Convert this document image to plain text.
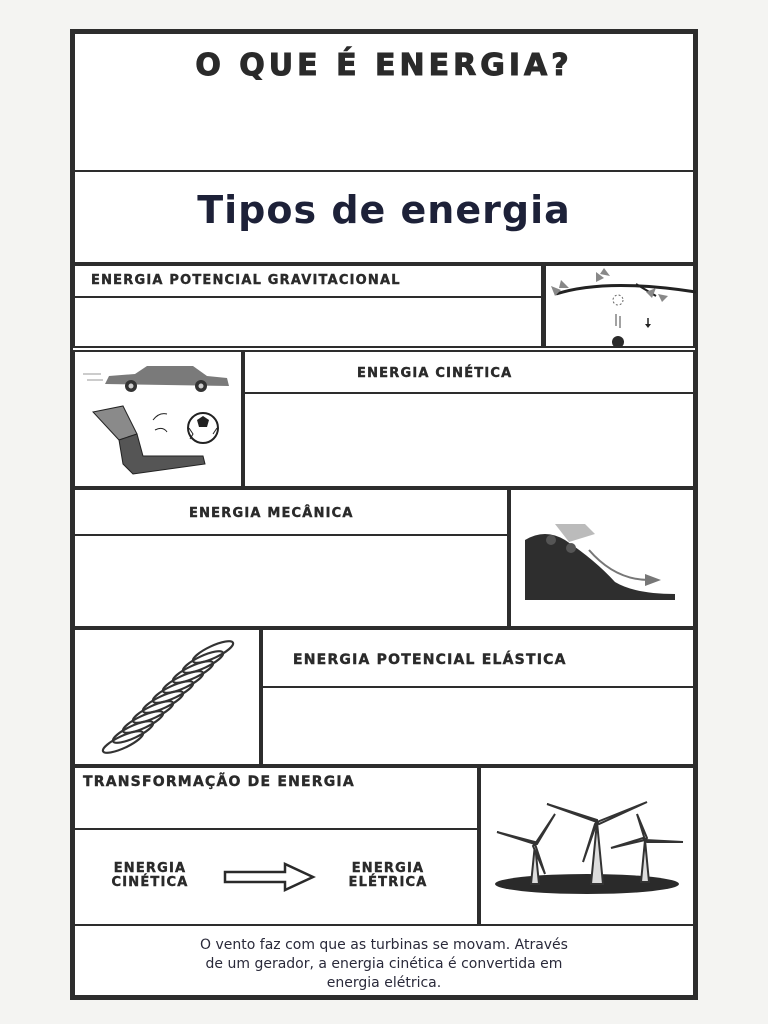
O QUE É ENERGIA?
Tipos de energia
ENERGIA POTENCIAL GRAVITACIONAL
ENERGIA CINÉTICA
ENERGIA MECÂNICA
ENERGIA POTENCIAL ELÁSTICA
TRANSFORMAÇÃO DE ENERGIA
ENERGIA
CINÉTICA
ENERGIA
ELÉTRICA
O vento faz com que as turbinas se movam. Através
de um gerador, a energia cinética é convertida em
energia elétrica.
